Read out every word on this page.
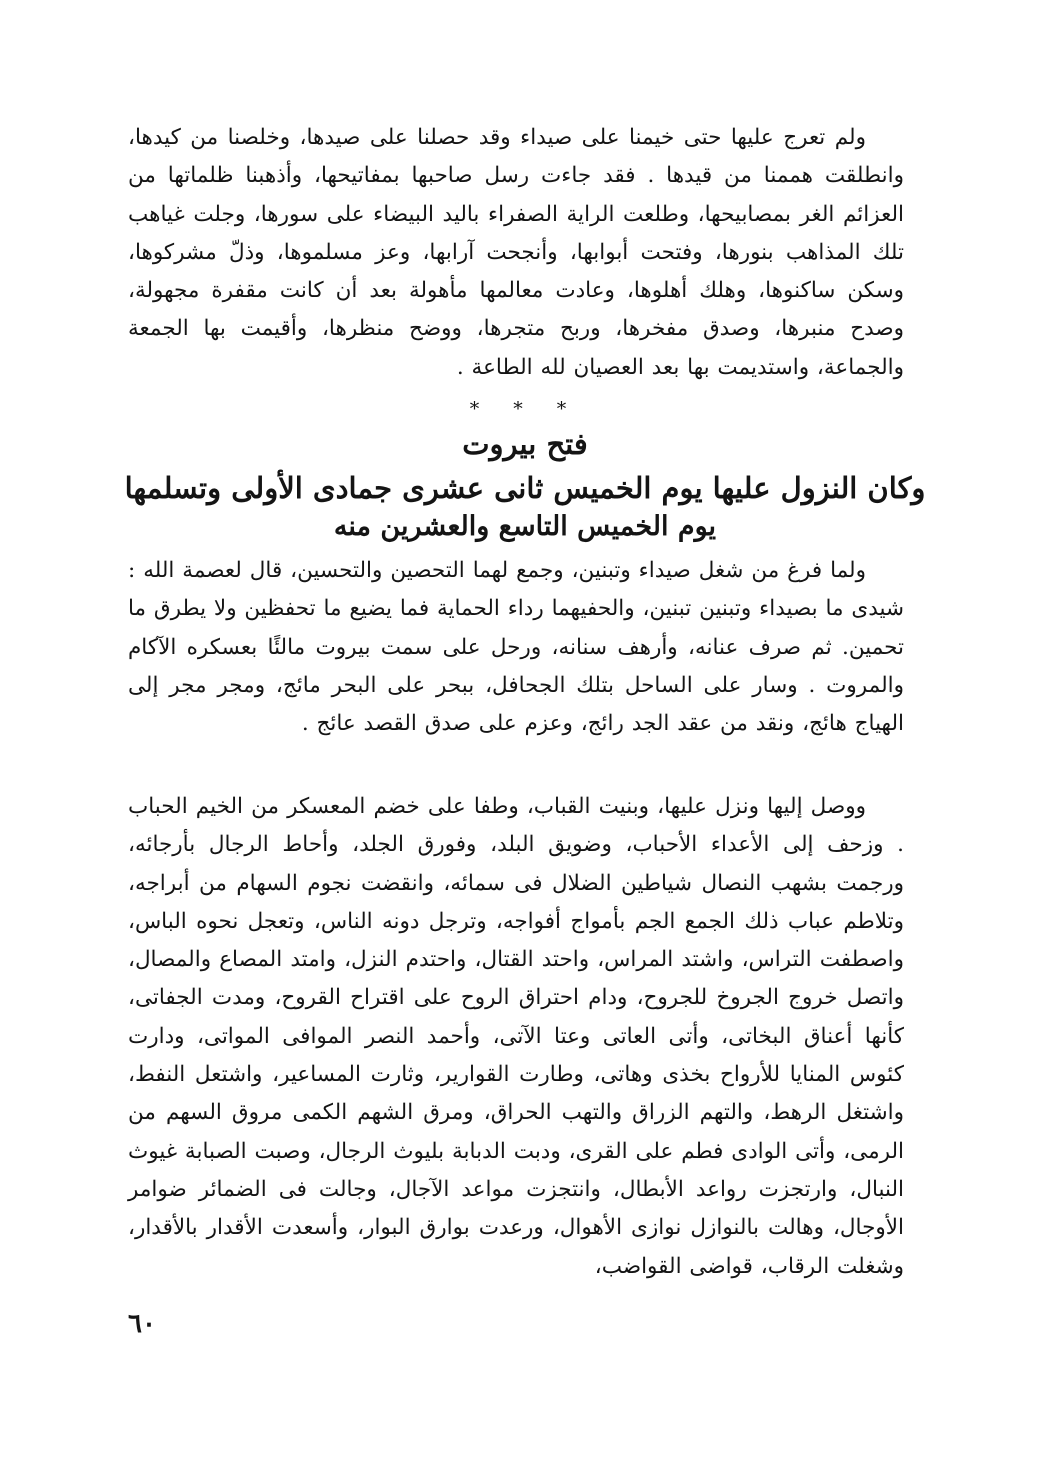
ولم تعرج عليها حتى خيمنا على صيداء وقد حصلنا على صيدها، وخلصنا من كيدها، وانطلقت هممنا من قيدها . فقد جاءت رسل صاحبها بمفاتيحها، وأذهبنا ظلماتها من العزائم الغر بمصابيحها، وطلعت الراية الصفراء باليد البيضاء على سورها، وجلت غياهب تلك المذاهب بنورها، وفتحت أبوابها، وأنجحت آرابها، وعز مسلموها، وذلّ مشركوها، وسكن ساكنوها، وهلك أهلوها، وعادت معالمها مأهولة بعد أن كانت مقفرة مجهولة، وصدح منبرها، وصدق مفخرها، وربح متجرها، ووضح منظرها، وأقيمت بها الجمعة والجماعة، واستديمت بها بعد العصيان لله الطاعة .

* * *
فتح بيروت
وكان النزول عليها يوم الخميس ثانى عشرى جمادى الأولى وتسلمها
يوم الخميس التاسع والعشرين منه

ولما فرغ من شغل صيداء وتبنين، وجمع لهما التحصين والتحسين، قال لعصمة الله : شيدى ما بصيداء وتبنين تبنين، والحفيهما رداء الحماية فما يضيع ما تحفظين ولا يطرق ما تحمين. ثم صرف عنانه، وأرهف سنانه، ورحل على سمت بيروت مالئًا بعسكره الآكام والمروت . وسار على الساحل بتلك الجحافل، ببحر على البحر مائج، ومجر مجر إلى الهياج هائج، ونقد من عقد الجد رائج، وعزم على صدق القصد عائج .

ووصل إليها ونزل عليها، وبنيت القباب، وطفا على خضم المعسكر من الخيم الحباب . وزحف إلى الأعداء الأحباب، وضويق البلد، وفورق الجلد، وأحاط الرجال بأرجائه، ورجمت بشهب النصال شياطين الضلال فى سمائه، وانقضت نجوم السهام من أبراجه، وتلاطم عباب ذلك الجمع الجم بأمواج أفواجه، وترجل دونه الناس، وتعجل نحوه الباس، واصطفت التراس، واشتد المراس، واحتد القتال، واحتدم النزل، وامتد المصاع والمصال، واتصل خروج الجروخ للجروح، ودام احتراق الروح على اقتراح القروح، ومدت الجفاتى، كأنها أعناق البخاتى، وأتى العاتى وعتا الآتى، وأحمد النصر الموافى المواتى، ودارت كئوس المنايا للأرواح بخذى وهاتى، وطارت القوارير، وثارت المساعير، واشتعل النفط، واشتغل الرهط، والتهم الزراق والتهب الحراق، ومرق الشهم الكمى مروق السهم من الرمى، وأتى الوادى فطم على القرى، ودبت الدبابة بليوث الرجال، وصبت الصبابة غيوث النبال، وارتجزت رواعد الأبطال، وانتجزت مواعد الآجال، وجالت فى الضمائر ضوامر الأوجال، وهالت بالنوازل نوازى الأهوال، ورعدت بوارق البوار، وأسعدت الأقدار بالأقدار، وشغلت الرقاب، قواضى القواضب،

٦٠
